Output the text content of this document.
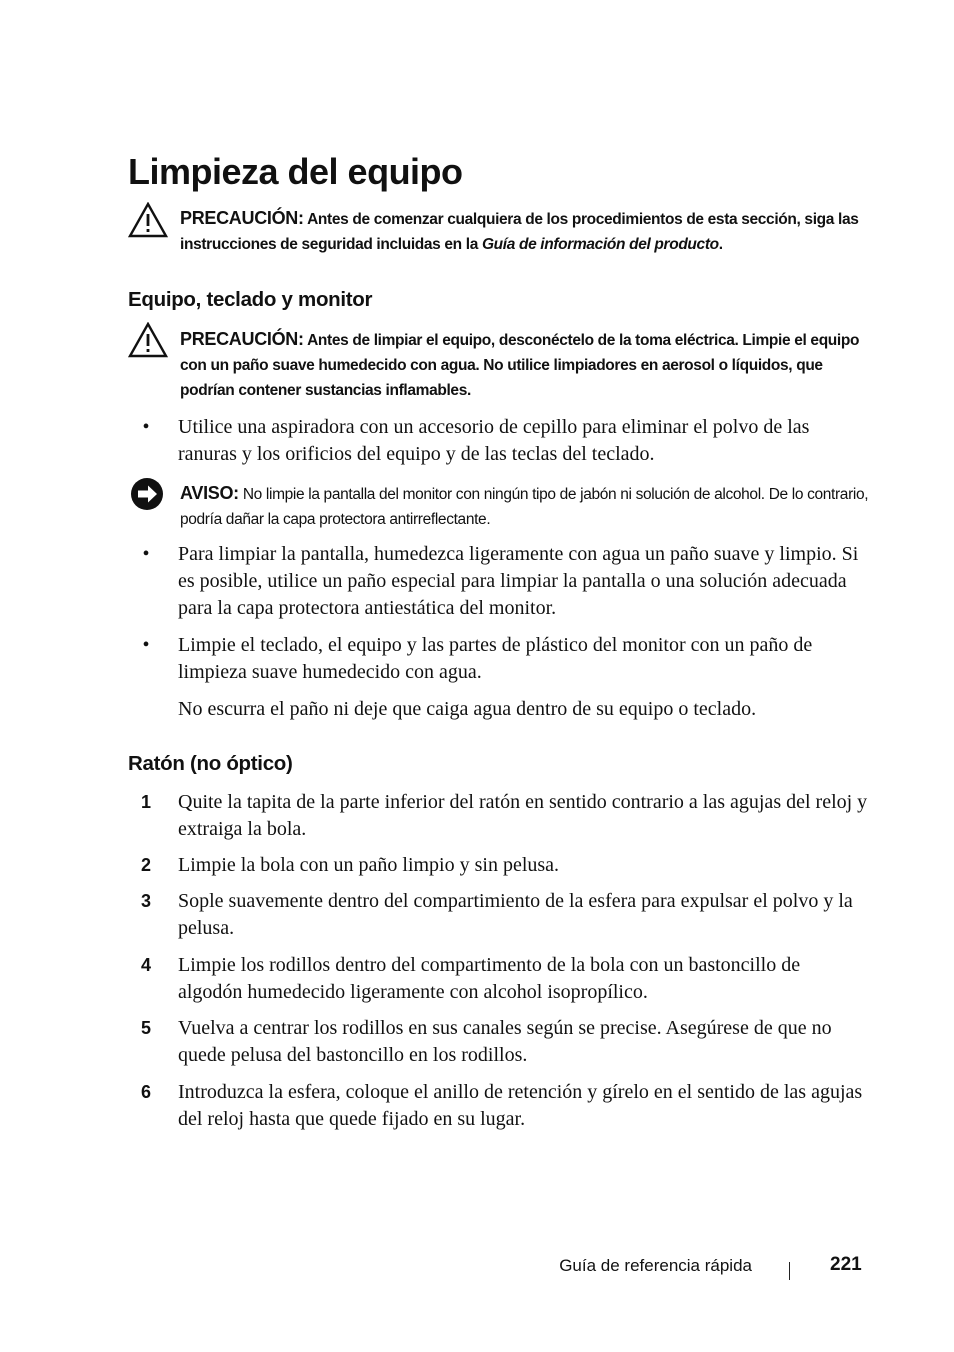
Limpieza del equipo
PRECAUCIÓN: Antes de comenzar cualquiera de los procedimientos de esta sección, siga las instrucciones de seguridad incluidas en la Guía de información del producto.
Equipo, teclado y monitor
PRECAUCIÓN: Antes de limpiar el equipo, desconéctelo de la toma eléctrica. Limpie el equipo con un paño suave humedecido con agua. No utilice limpiadores en aerosol o líquidos, que podrían contener sustancias inflamables.
•	Utilice una aspiradora con un accesorio de cepillo para eliminar el polvo de las ranuras y los orificios del equipo y de las teclas del teclado.
AVISO: No limpie la pantalla del monitor con ningún tipo de jabón ni solución de alcohol. De lo contrario, podría dañar la capa protectora antirreflectante.
•	Para limpiar la pantalla, humedezca ligeramente con agua un paño suave y limpio. Si es posible, utilice un paño especial para limpiar la pantalla o una solución adecuada para la capa protectora antiestática del monitor.
•	Limpie el teclado, el equipo y las partes de plástico del monitor con un paño de limpieza suave humedecido con agua.
No escurra el paño ni deje que caiga agua dentro de su equipo o teclado.
Ratón (no óptico)
1	Quite la tapita de la parte inferior del ratón en sentido contrario a las agujas del reloj y extraiga la bola.
2	Limpie la bola con un paño limpio y sin pelusa.
3	Sople suavemente dentro del compartimiento de la esfera para expulsar el polvo y la pelusa.
4	Limpie los rodillos dentro del compartimento de la bola con un bastoncillo de algodón humedecido ligeramente con alcohol isopropílico.
5	Vuelva a centrar los rodillos en sus canales según se precise. Asegúrese de que no quede pelusa del bastoncillo en los rodillos.
6	Introduzca la esfera, coloque el anillo de retención y gírelo en el sentido de las agujas del reloj hasta que quede fijado en su lugar.
Guía de referencia rápida	221
